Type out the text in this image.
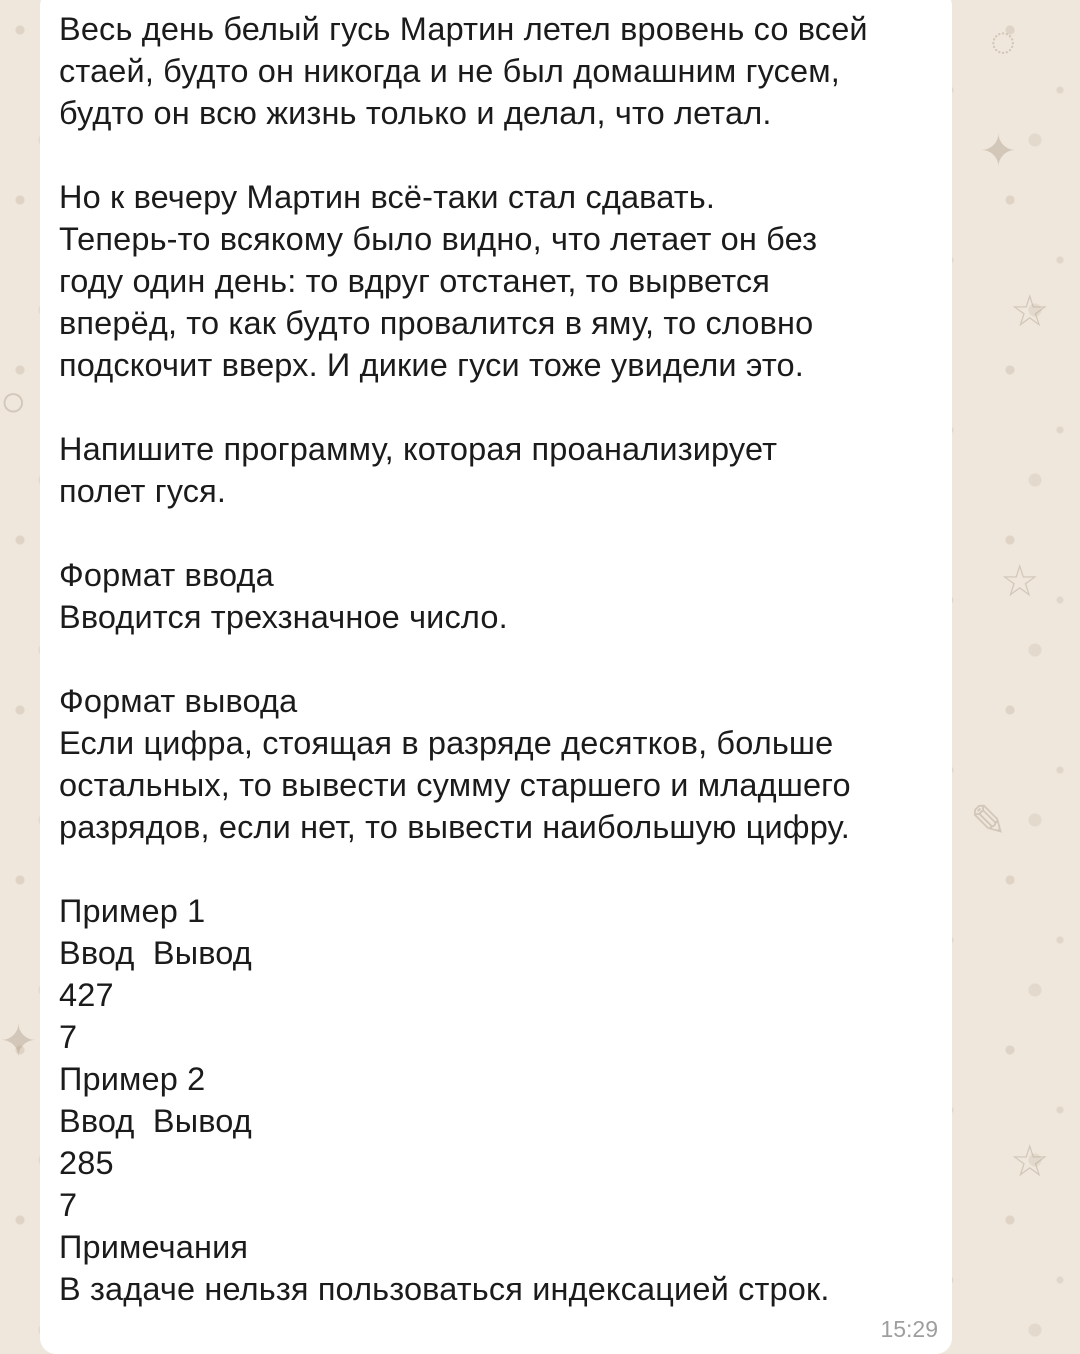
✦
☆
◌
☆
✎
☆
✦
○
Весь день белый гусь Мартин летел вровень со всей
стаей, будто он никогда и не был домашним гусем,
будто он всю жизнь только и делал, что летал.
Но к вечеру Мартин всё-таки стал сдавать.
Теперь-то всякому было видно, что летает он без
году один день: то вдруг отстанет, то вырвется
вперёд, то как будто провалится в яму, то словно
подскочит вверх. И дикие гуси тоже увидели это.
Напишите программу, которая проанализирует
полет гуся.
Формат ввода
Вводится трехзначное число.
Формат вывода
Если цифра, стоящая в разряде десятков, больше
остальных, то вывести сумму старшего и младшего
разрядов, если нет, то вывести наибольшую цифру.
Пример 1
Ввод  Вывод
427
7
Пример 2
Ввод  Вывод
285
7
Примечания
В задаче нельзя пользоваться индексацией строк.
15:29
